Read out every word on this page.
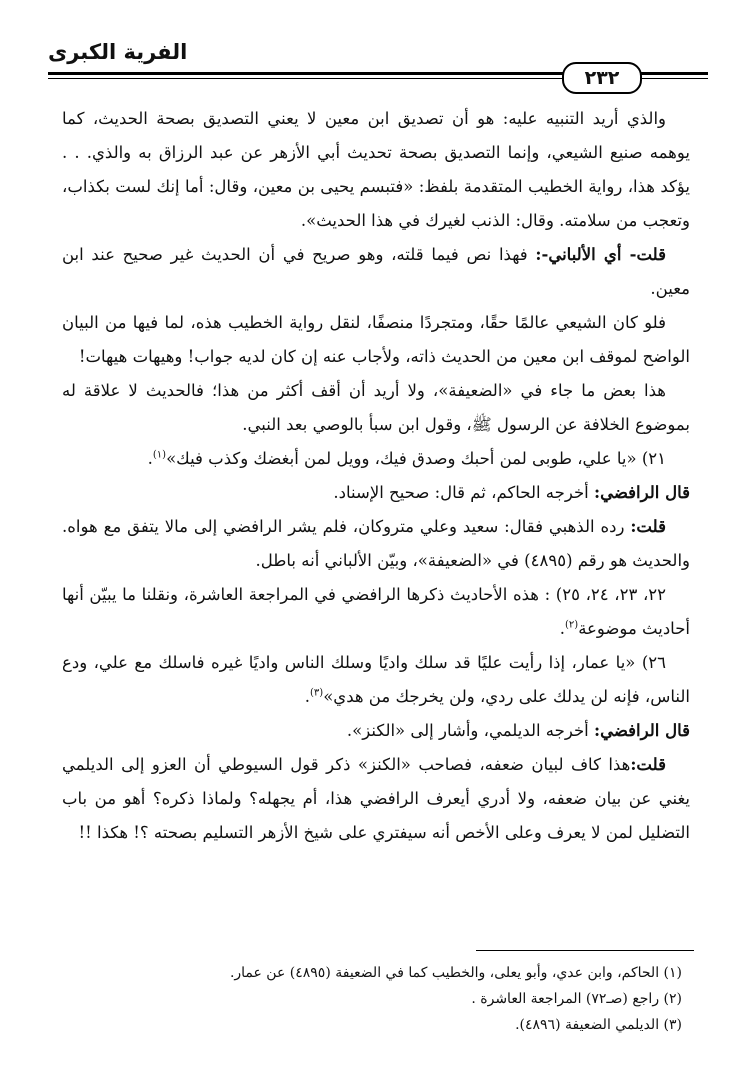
الفرية الكبرى
٢٣٢

والذي أريد التنبيه عليه: هو أن تصديق ابن معين لا يعني التصديق بصحة الحديث، كما يوهمه صنيع الشيعي، وإنما التصديق بصحة تحديث أبي الأزهر عن عبد الرزاق به والذي. . . يؤكد هذا، رواية الخطيب المتقدمة بلفظ: «فتبسم يحيى بن معين، وقال: أما إنك لست بكذاب، وتعجب من سلامته. وقال: الذنب لغيرك في هذا الحديث».

قلت- أي الألباني-: فهذا نص فيما قلته، وهو صريح في أن الحديث غير صحيح عند ابن معين.

فلو كان الشيعي عالمًا حقًا، ومتجردًا منصفًا، لنقل رواية الخطيب هذه، لما فيها من البيان الواضح لموقف ابن معين من الحديث ذاته، ولأجاب عنه إن كان لديه جواب! وهيهات هيهات!

هذا بعض ما جاء في «الضعيفة»، ولا أريد أن أقف أكثر من هذا؛ فالحديث لا علاقة له بموضوع الخلافة عن الرسول ﷺ، وقول ابن سبأ بالوصي بعد النبي.

٢١) «يا علي، طوبى لمن أحبك وصدق فيك، وويل لمن أبغضك وكذب فيك»$^{(١)}$.

قال الرافضي: أخرجه الحاكم، ثم قال: صحيح الإسناد.

قلت: رده الذهبي فقال: سعيد وعلي متروكان، فلم يشر الرافضي إلى مالا يتفق مع هواه. والحديث هو رقم (٤٨٩٥) في «الضعيفة»، وبيّن الألباني أنه باطل.

٢٢، ٢٣، ٢٤، ٢٥) : هذه الأحاديث ذكرها الرافضي في المراجعة العاشرة، ونقلنا ما يبيّن أنها أحاديث موضوعة$^{(٢)}$.

٢٦) «يا عمار، إذا رأيت عليًا قد سلك واديًا وسلك الناس واديًا غيره فاسلك مع علي، ودع الناس، فإنه لن يدلك على ردي، ولن يخرجك من هدي»$^{(٣)}$.

قال الرافضي: أخرجه الديلمي، وأشار إلى «الكنز».

قلت:هذا كاف لبيان ضعفه، فصاحب «الكنز» ذكر قول السيوطي أن العزو إلى الديلمي يغني عن بيان ضعفه، ولا أدري أيعرف الرافضي هذا، أم يجهله؟ ولماذا ذكره؟ أهو من باب التضليل لمن لا يعرف وعلى الأخص أنه سيفتري على شيخ الأزهر التسليم بصحته ؟! هكذا !!

(١) الحاكم، وابن عدي، وأبو يعلى، والخطيب كما في الضعيفة (٤٨٩٥) عن عمار.
(٢) راجع (صـ٧٢) المراجعة العاشرة .
(٣) الديلمي الضعيفة (٤٨٩٦).
